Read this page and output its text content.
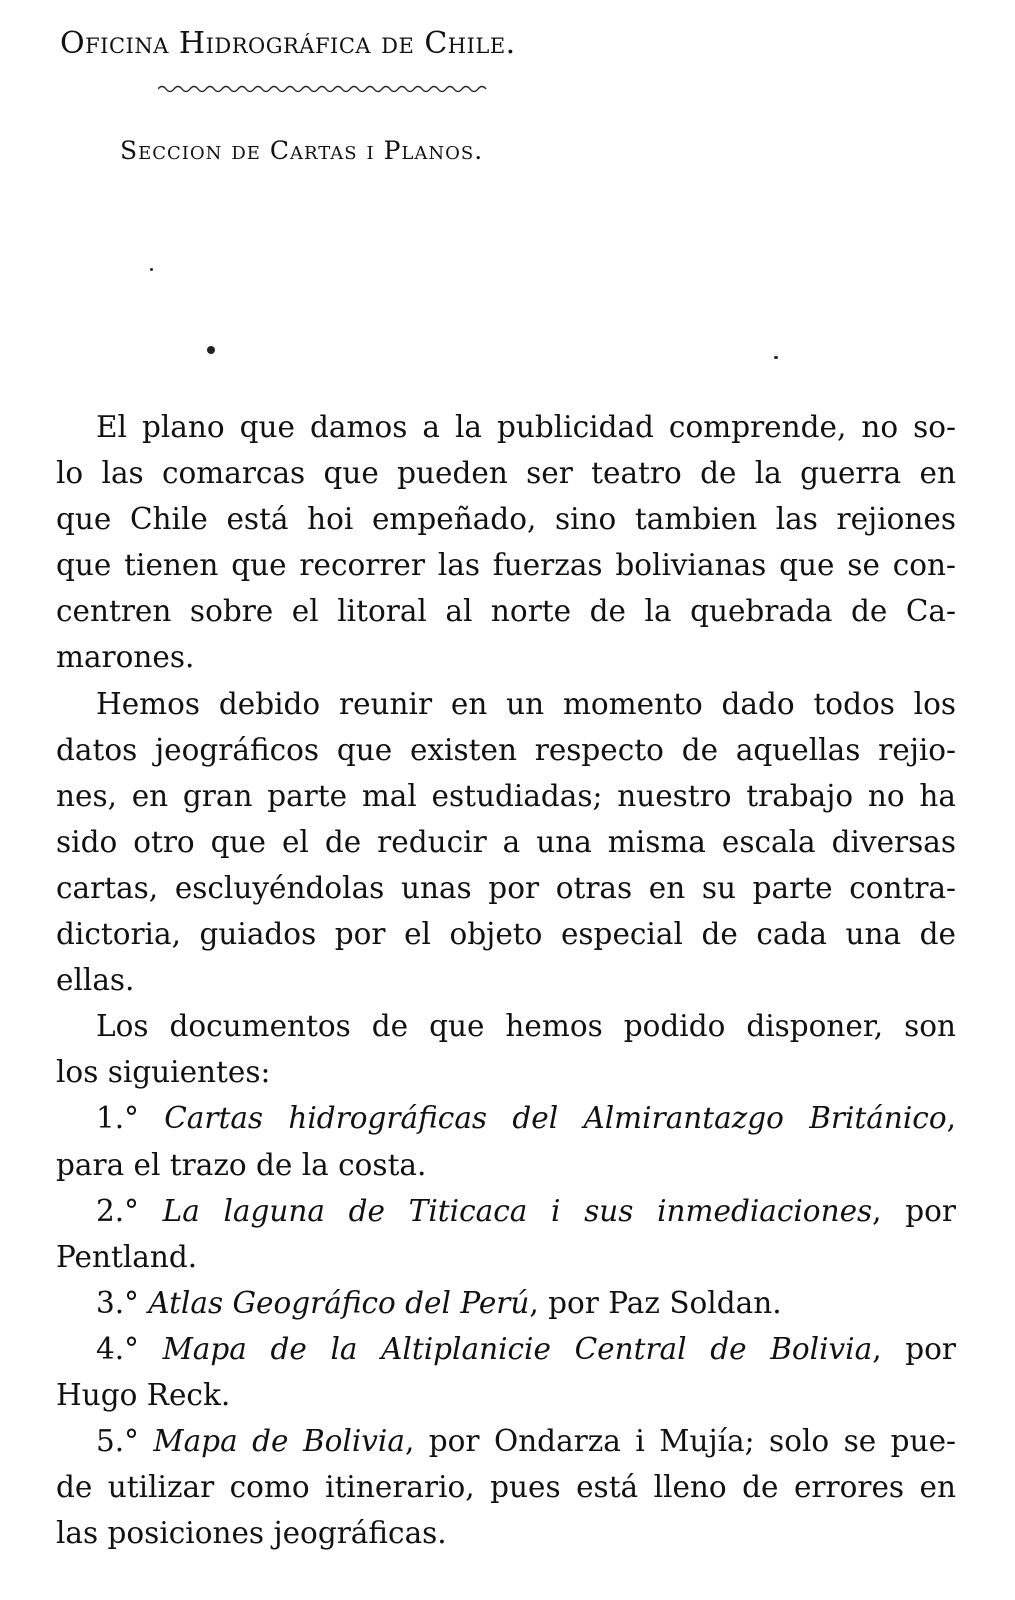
Oficina Hidrográfica de Chile.
Seccion de Cartas i Planos.
El plano que damos a la publicidad comprende, no so-
lo las comarcas que pueden ser teatro de la guerra en
que Chile está hoi empeñado, sino tambien las rejiones
que tienen que recorrer las fuerzas bolivianas que se con-
centren sobre el litoral al norte de la quebrada de Ca-
marones.
Hemos debido reunir en un momento dado todos los
datos jeográficos que existen respecto de aquellas rejio-
nes, en gran parte mal estudiadas; nuestro trabajo no ha
sido otro que el de reducir a una misma escala diversas
cartas, escluyéndolas unas por otras en su parte contra-
dictoria, guiados por el objeto especial de cada una de
ellas.
Los documentos de que hemos podido disponer, son
los siguientes:
1.° Cartas hidrográficas del Almirantazgo Británico,
para el trazo de la costa.
2.° La laguna de Titicaca i sus inmediaciones, por
Pentland.
3.° Atlas Geográfico del Perú, por Paz Soldan.
4.° Mapa de la Altiplanicie Central de Bolivia, por
Hugo Reck.
5.° Mapa de Bolivia, por Ondarza i Mujía; solo se pue-
de utilizar como itinerario, pues está lleno de errores en
las posiciones jeográficas.
